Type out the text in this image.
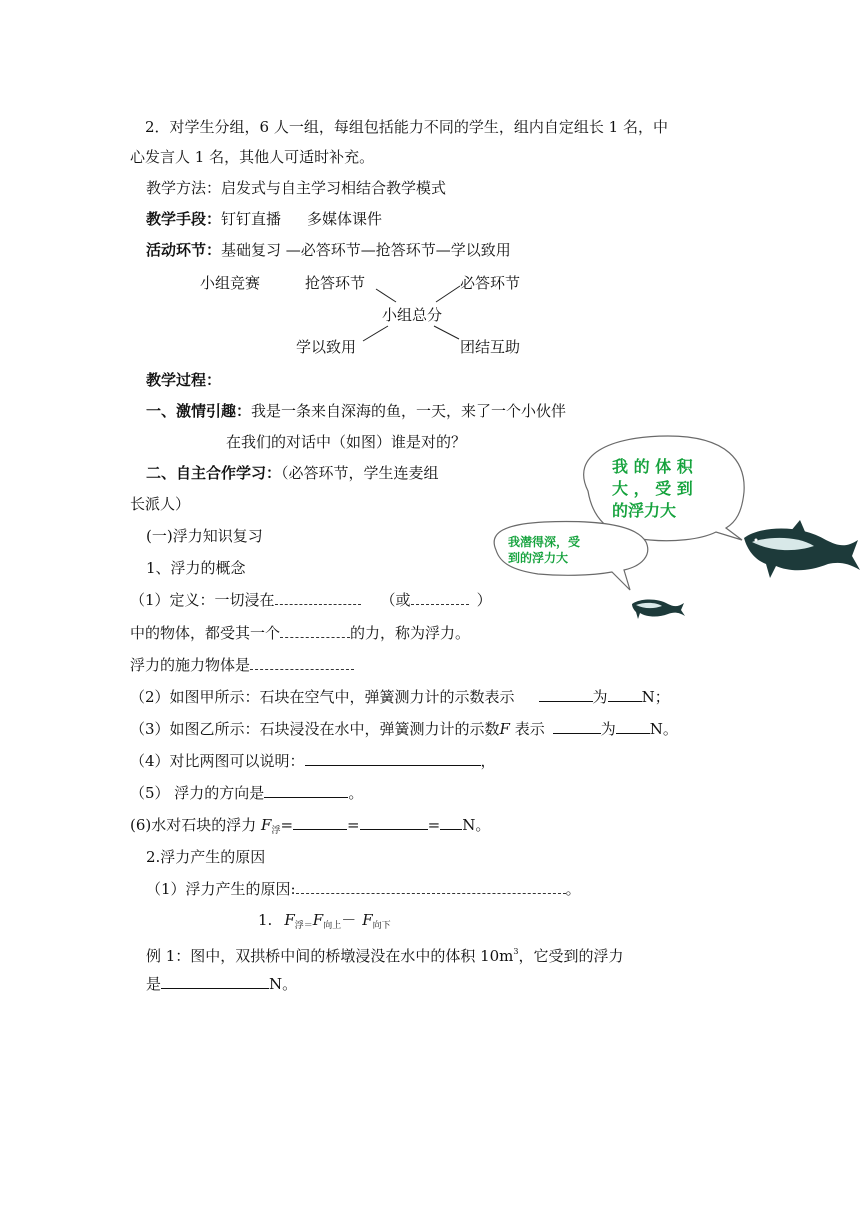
2．对学生分组，6 人一组，每组包括能力不同的学生，组内自定组长 1 名，中
心发言人 1 名，其他人可适时补充。
教学方法：启发式与自主学习相结合教学模式
教学手段：钉钉直播 多媒体课件
活动环节：基础复习 —必答环节—抢答环节—学以致用
小组竞赛	抢答环节	必答环节
小组总分
学以致用	团结互助
教学过程：
一、激情引趣：我是一条来自深海的鱼，一天，来了一个小伙伴
在我们的对话中（如图）谁是对的？
二、自主合作学习：（必答环节，学生连麦组
长派人）
(一)浮力知识复习
1、浮力的概念
（1）定义：一切浸在	（或	）
中的物体，都受其一个	的力，称为浮力。
浮力的施力物体是
（2）如图甲所示：石块在空气中，弹簧测力计的示数表示	为 N；
（3）如图乙所示：石块浸没在水中，弹簧测力计的示数F 表示	为 N。
（4）对比两图可以说明：	，
（5） 浮力的方向是	。
(6)水对石块的浮力 $F_浮=$	=	= N。
2.浮力产生的原因
（1）浮力产生的原因:	。
1. $F_{浮=}F_{向上}- F_{向下}$
例 1：图中，双拱桥中间的桥墩浸没在水中的体积 $10m^3$，它受到的浮力
是	N。
我 的 体 积
大 ， 受 到
的浮力大
我潜得深，受
到的浮力大
